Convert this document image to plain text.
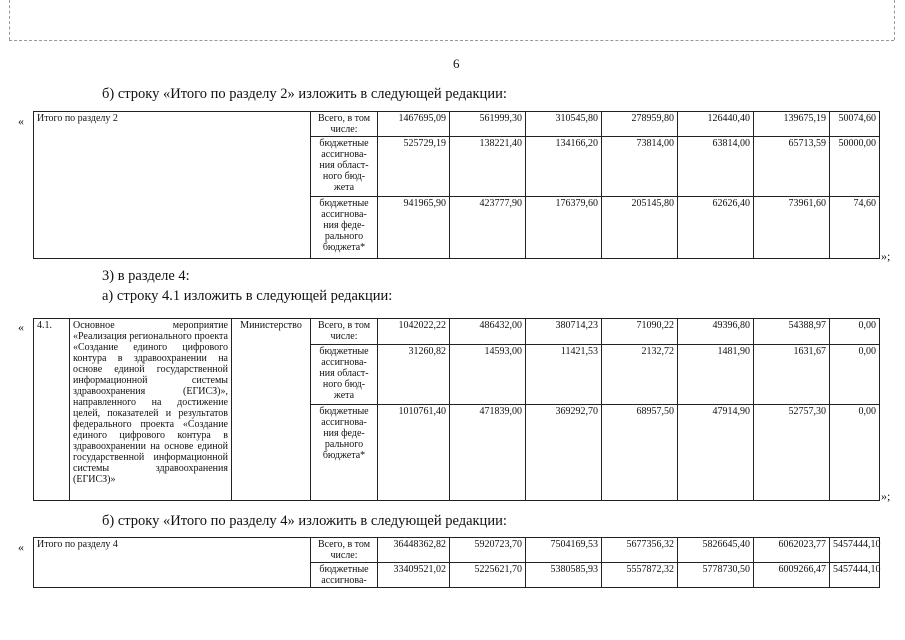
6
б) строку «Итого по разделу 2» изложить в следующей редакции:
« Итого по разделу 2	Всего, в том числе:	1467695,09	561999,30	310545,80	278959,80	126440,40	139675,19	50074,60
	бюджетные ассигнова-ния област-ного бюд-жета	525729,19	138221,40	134166,20	73814,00	63814,00	65713,59	50000,00
	бюджетные ассигнова-ния феде-рального бюджета*	941965,90	423777,90	176379,60	205145,80	62626,40	73961,60	74,60
»;
3) в разделе 4:
а) строку 4.1 изложить в следующей редакции:
« 4.1.	Основное мероприятие «Реализация регионального проекта «Создание единого цифрового контура в здравоохранении на основе единой государственной информационной системы здравоохранения (ЕГИСЗ)», направленного на достижение целей, показателей и результатов федерального проекта «Создание единого цифрового контура в здравоохранении на основе единой государственной информационной системы здравоохранения (ЕГИСЗ)»	Министерство	Всего, в том числе:	1042022,22	486432,00	380714,23	71090,22	49396,80	54388,97	0,00
			бюджетные ассигнова-ния област-ного бюд-жета	31260,82	14593,00	11421,53	2132,72	1481,90	1631,67	0,00
			бюджетные ассигнова-ния феде-рального бюджета*	1010761,40	471839,00	369292,70	68957,50	47914,90	52757,30	0,00
»;
б) строку «Итого по разделу 4» изложить в следующей редакции:
« Итого по разделу 4	Всего, в том числе:	36448362,82	5920723,70	7504169,53	5677356,32	5826645,40	6062023,77	5457444,10
	бюджетные ассигнова-	33409521,02	5225621,70	5380585,93	5557872,32	5778730,50	6009266,47	5457444,10
